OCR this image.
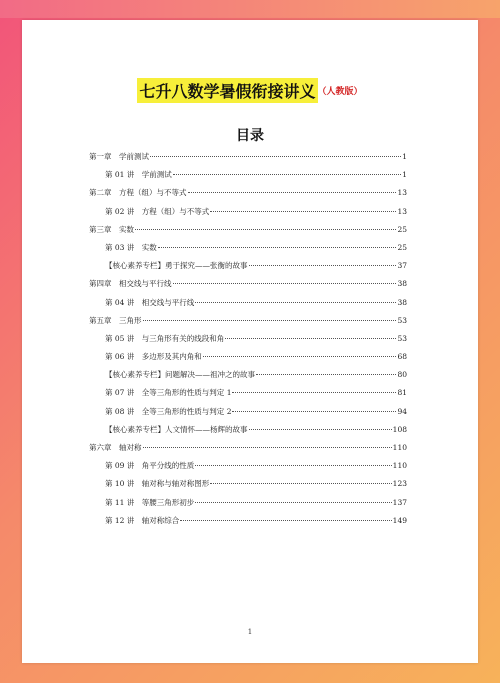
七升八数学暑假衔接讲义 （人教版）
目录
第一章　学前测试	1
第 01 讲　学前测试	1
第二章　方程（组）与不等式	13
第 02 讲　方程（组）与不等式	13
第三章　实数	25
第 03 讲　实数	25
【核心素养专栏】勇于探究——张衡的故事	37
第四章　相交线与平行线	38
第 04 讲　相交线与平行线	38
第五章　三角形	53
第 05 讲　与三角形有关的线段和角	53
第 06 讲　多边形及其内角和	68
【核心素养专栏】问题解决——祖冲之的故事	80
第 07 讲　全等三角形的性质与判定 1	81
第 08 讲　全等三角形的性质与判定 2	94
【核心素养专栏】人文情怀——杨辉的故事	108
第六章　轴对称	110
第 09 讲　角平分线的性质	110
第 10 讲　轴对称与轴对称图形	123
第 11 讲　等腰三角形初步	137
第 12 讲　轴对称综合	149
1
